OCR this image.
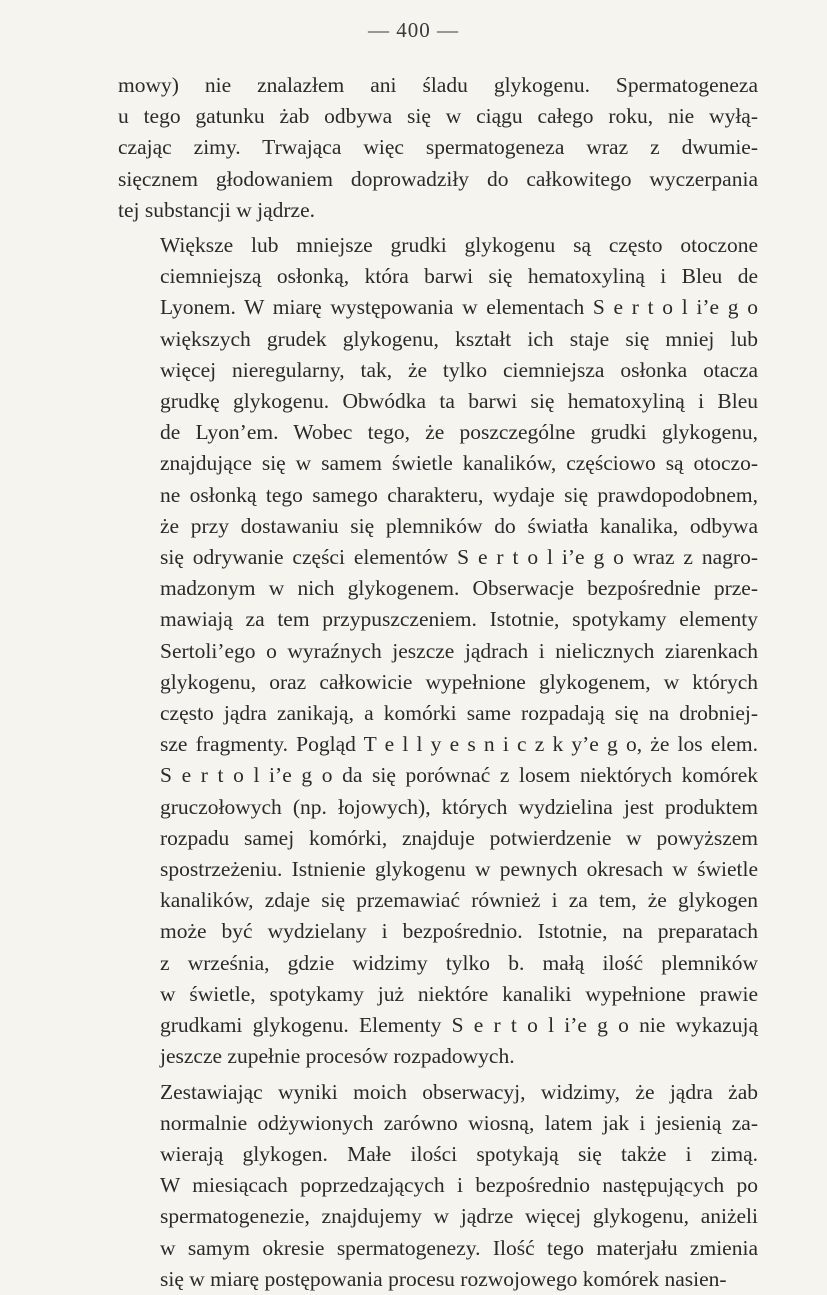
— 400 —
mowy) nie znalazłem ani śladu glykogenu. Spermatogeneza
u tego gatunku żab odbywa się w ciągu całego roku, nie wyłą-
czając zimy. Trwająca więc spermatogeneza wraz z dwumie-
sięcznem głodowaniem doprowadziły do całkowitego wyczerpania
tej substancji w jądrze.
Większe lub mniejsze grudki glykogenu są często otoczone
ciemniejszą osłonką, która barwi się hematoxyliną i Bleu de
Lyonem. W miarę występowania w elementach S e r t o l i’e g o
większych grudek glykogenu, kształt ich staje się mniej lub
więcej nieregularny, tak, że tylko ciemniejsza osłonka otacza
grudkę glykogenu. Obwódka ta barwi się hematoxyliną i Bleu
de Lyon’em. Wobec tego, że poszczególne grudki glykogenu,
znajdujące się w samem świetle kanalików, częściowo są otoczo-
ne osłonką tego samego charakteru, wydaje się prawdopodobnem,
że przy dostawaniu się plemników do światła kanalika, odbywa
się odrywanie części elementów S e r t o l i’e g o wraz z nagro-
madzonym w nich glykogenem. Obserwacje bezpośrednie prze-
mawiają za tem przypuszczeniem. Istotnie, spotykamy elementy
Sertoli’ego o wyraźnych jeszcze jądrach i nielicznych ziarenkach
glykogenu, oraz całkowicie wypełnione glykogenem, w których
często jądra zanikają, a komórki same rozpadają się na drobniej-
sze fragmenty. Pogląd T e l l y e s n i c z k y’e g o, że los elem.
S e r t o l i’e g o da się porównać z losem niektórych komórek
gruczołowych (np. łojowych), których wydzielina jest produktem
rozpadu samej komórki, znajduje potwierdzenie w powyższem
spostrzeżeniu. Istnienie glykogenu w pewnych okresach w świetle
kanalików, zdaje się przemawiać również i za tem, że glykogen
może być wydzielany i bezpośrednio. Istotnie, na preparatach
z września, gdzie widzimy tylko b. małą ilość plemników
w świetle, spotykamy już niektóre kanaliki wypełnione prawie
grudkami glykogenu. Elementy S e r t o l i’e g o nie wykazują
jeszcze zupełnie procesów rozpadowych.
Zestawiając wyniki moich obserwacyj, widzimy, że jądra żab
normalnie odżywionych zarówno wiosną, latem jak i jesienią za-
wierają glykogen. Małe ilości spotykają się także i zimą.
W miesiącach poprzedzających i bezpośrednio następujących po
spermatogenezie, znajdujemy w jądrze więcej glykogenu, aniżeli
w samym okresie spermatogenezy. Ilość tego materjału zmienia
się w miarę postępowania procesu rozwojowego komórek nasien-
